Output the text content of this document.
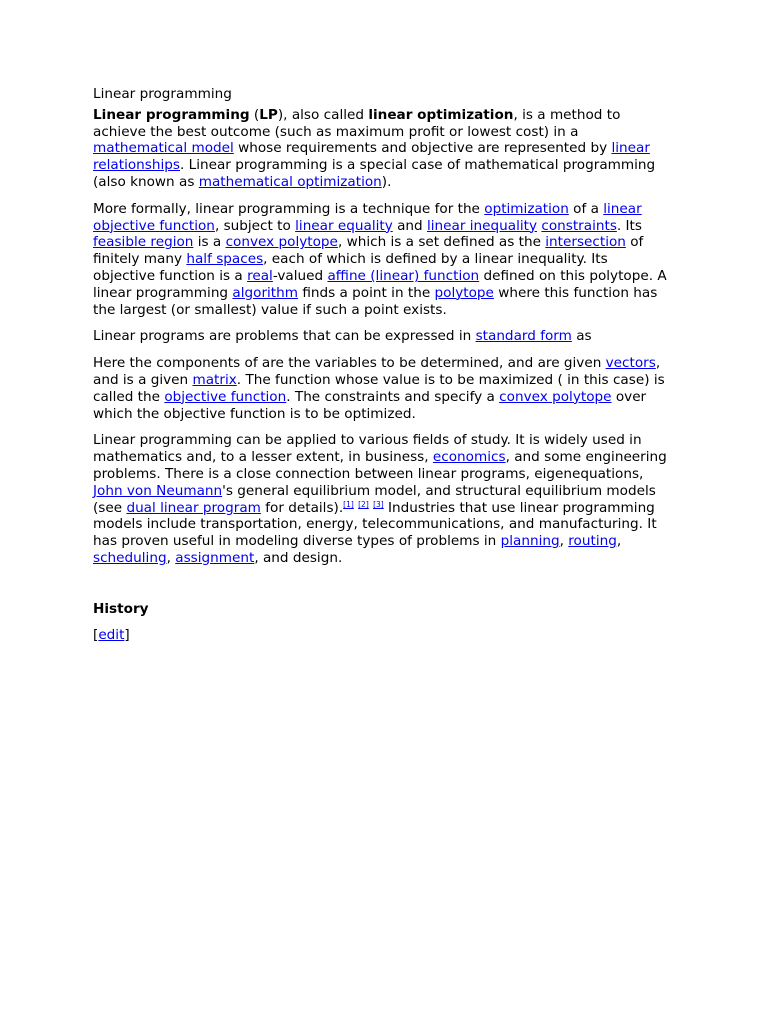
Linear programming

Linear programming (LP), also called linear optimization, is a method to achieve the best outcome (such as maximum profit or lowest cost) in a mathematical model whose requirements and objective are represented by linear relationships. Linear programming is a special case of mathematical programming (also known as mathematical optimization).

More formally, linear programming is a technique for the optimization of a linear objective function, subject to linear equality and linear inequality constraints. Its feasible region is a convex polytope, which is a set defined as the intersection of finitely many half spaces, each of which is defined by a linear inequality. Its objective function is a real-valued affine (linear) function defined on this polytope. A linear programming algorithm finds a point in the polytope where this function has the largest (or smallest) value if such a point exists.

Linear programs are problems that can be expressed in standard form as

Here the components of are the variables to be determined, and are given vectors, and is a given matrix. The function whose value is to be maximized ( in this case) is called the objective function. The constraints and specify a convex polytope over which the objective function is to be optimized.

Linear programming can be applied to various fields of study. It is widely used in mathematics and, to a lesser extent, in business, economics, and some engineering problems. There is a close connection between linear programs, eigenequations, John von Neumann's general equilibrium model, and structural equilibrium models (see dual linear program for details).[1] [2] [3] Industries that use linear programming models include transportation, energy, telecommunications, and manufacturing. It has proven useful in modeling diverse types of problems in planning, routing, scheduling, assignment, and design.

History
[edit]
